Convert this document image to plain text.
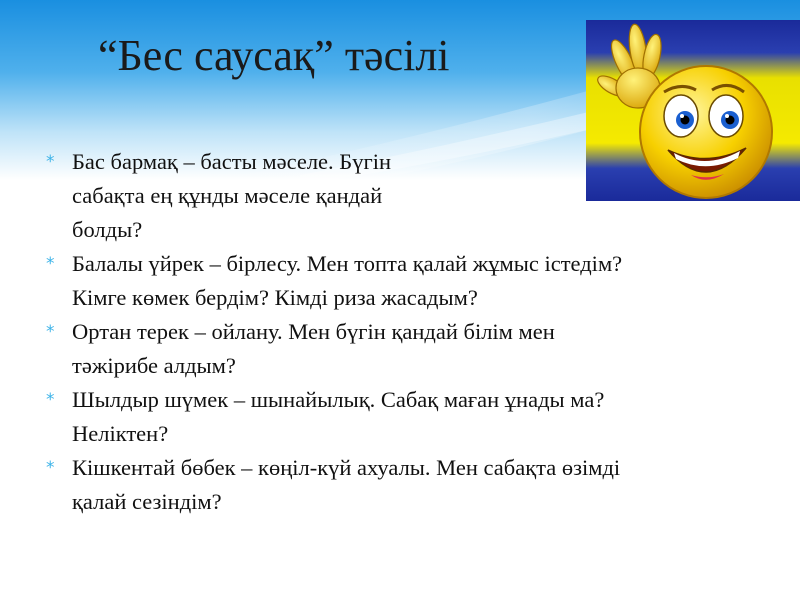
“Бес саусақ” тәсілі
* Бас бармақ – басты мәселе. Бүгін
сабақта ең құнды мәселе қандай
болды?
* Балалы үйрек – бірлесу. Мен топта қалай жұмыс істедім?
Кімге көмек бердім? Кімді риза жасадым?
* Ортан терек – ойлану. Мен бүгін қандай білім мен
тәжірибе алдым?
* Шылдыр шүмек – шынайылық. Сабақ маған ұнады ма?
Неліктен?
* Кішкентай бөбек – көңіл-күй ахуалы. Мен сабақта өзімді
қалай сезіндім?
